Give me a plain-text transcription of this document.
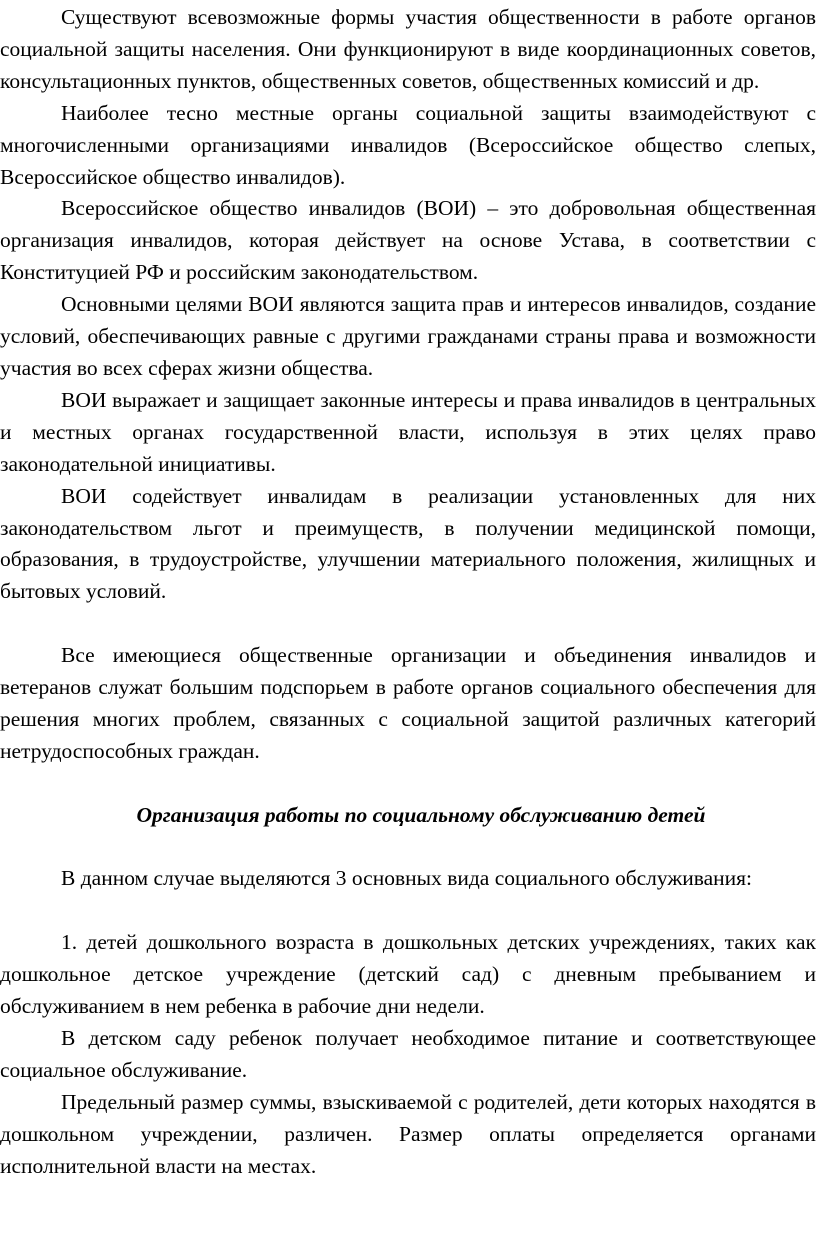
Существуют всевозможные формы участия общественности в работе органов социальной защиты населения. Они функционируют в виде координационных советов, консультационных пунктов, общественных советов, общественных комиссий и др.

Наиболее тесно местные органы социальной защиты взаимодействуют с многочисленными организациями инвалидов (Всероссийское общество слепых, Всероссийское общество инвалидов).

Всероссийское общество инвалидов (ВОИ) – это добровольная общественная организация инвалидов, которая действует на основе Устава, в соответствии с Конституцией РФ и российским законодательством.

Основными целями ВОИ являются защита прав и интересов инвалидов, создание условий, обеспечивающих равные с другими гражданами страны права и возможности участия во всех сферах жизни общества.

ВОИ выражает и защищает законные интересы и права инвалидов в центральных и местных органах государственной власти, используя в этих целях право законодательной инициативы.

ВОИ содействует инвалидам в реализации установленных для них законодательством льгот и преимуществ, в получении медицинской помощи, образования, в трудоустройстве, улучшении материального положения, жилищных и бытовых условий.

Все имеющиеся общественные организации и объединения инвалидов и ветеранов служат большим подспорьем в работе органов социального обеспечения для решения многих проблем, связанных с социальной защитой различных категорий нетрудоспособных граждан.

Организация работы по социальному обслуживанию детей

В данном случае выделяются 3 основных вида социального обслуживания:

1. детей дошкольного возраста в дошкольных детских учреждениях, таких как дошкольное детское учреждение (детский сад) с дневным пребыванием и обслуживанием в нем ребенка в рабочие дни недели.

В детском саду ребенок получает необходимое питание и соответствующее социальное обслуживание.

Предельный размер суммы, взыскиваемой с родителей, дети которых находятся в дошкольном учреждении, различен. Размер оплаты определяется органами исполнительной власти на местах.
